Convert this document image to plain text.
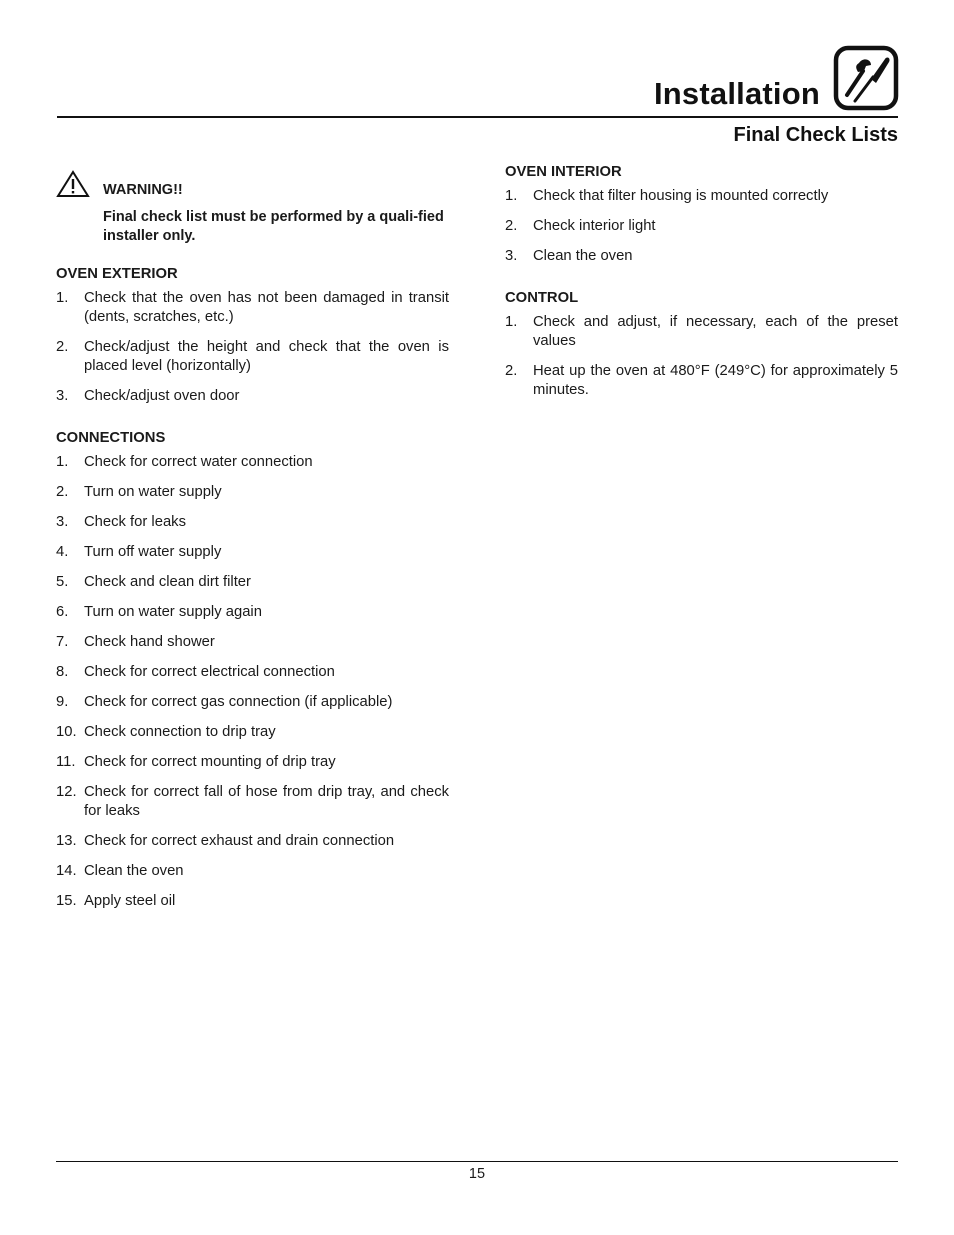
Installation
Final Check Lists
WARNING!!
Final check list must be performed by a quali-fied installer only.
OVEN EXTERIOR
1.	Check that the oven has not been damaged in transit (dents, scratches, etc.)
2.	Check/adjust the height and check that the oven is placed level (horizontally)
3.	Check/adjust oven door
CONNECTIONS
1.	Check for correct water connection
2.	Turn on water supply
3.	Check for leaks
4.	Turn off water supply
5.	Check and clean dirt filter
6.	Turn on water supply again
7.	Check hand shower
8.	Check for correct electrical connection
9.	Check for correct gas connection (if applicable)
10. Check connection to drip tray
11. Check for correct mounting of drip tray
12. Check for correct fall of hose from drip tray, and check for leaks
13. Check for correct exhaust and drain connection
14. Clean the oven
15. Apply steel oil
OVEN INTERIOR
1.	Check that filter housing is mounted correctly
2.	Check interior light
3.	Clean the oven
CONTROL
1.	Check and adjust, if necessary, each of the preset values
2.	Heat up the oven at 480°F (249°C) for approximately 5 minutes.
15
